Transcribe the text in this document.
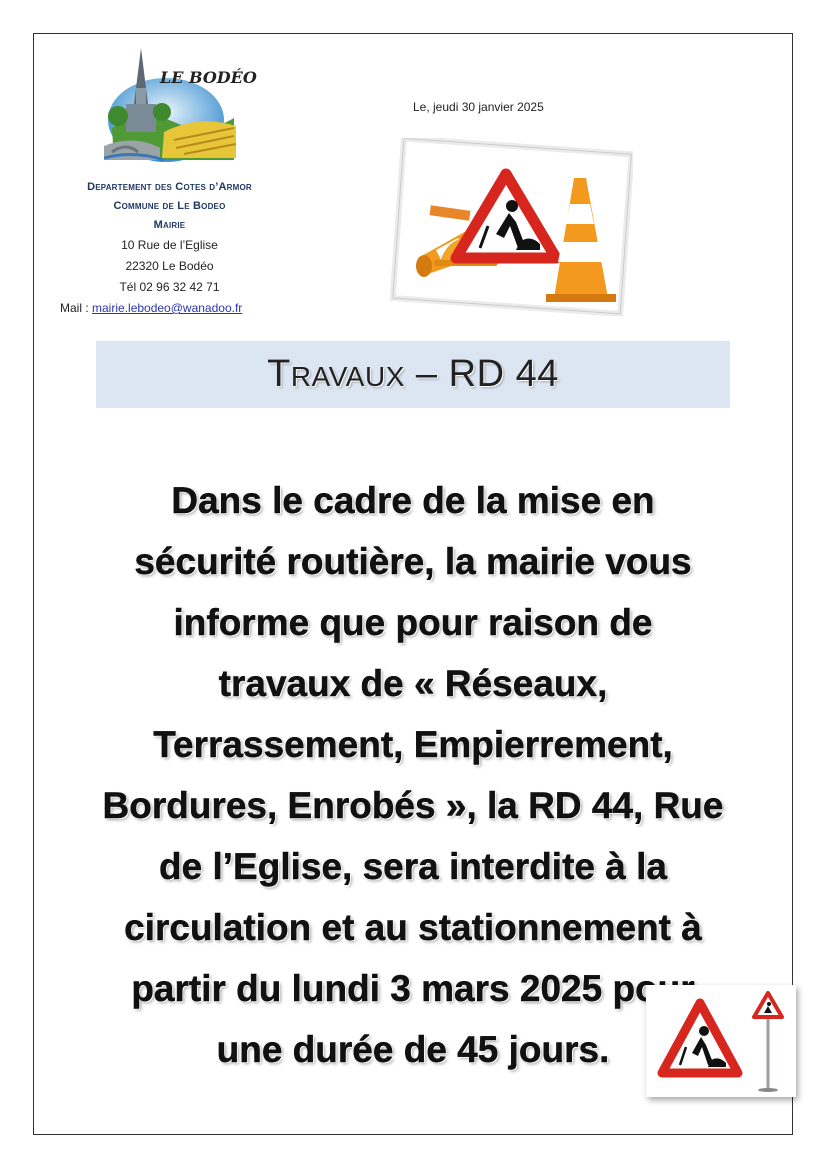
LE BODÉO
Le, jeudi 30 janvier 2025
Departement des Cotes d’Armor
Commune de Le Bodeo
Mairie
10 Rue de l’Eglise
22320 Le Bodéo
Tél 02 96 32 42 71
Mail : mairie.lebodeo@wanadoo.fr
TRAVAUX – RD 44
Dans le cadre de la mise en
sécurité routière, la mairie vous
informe que pour raison de
travaux de « Réseaux,
Terrassement, Empierrement,
Bordures, Enrobés », la RD 44, Rue
de l’Eglise, sera interdite à la
circulation et au stationnement à
partir du lundi 3 mars 2025 pour
une durée de 45 jours.
